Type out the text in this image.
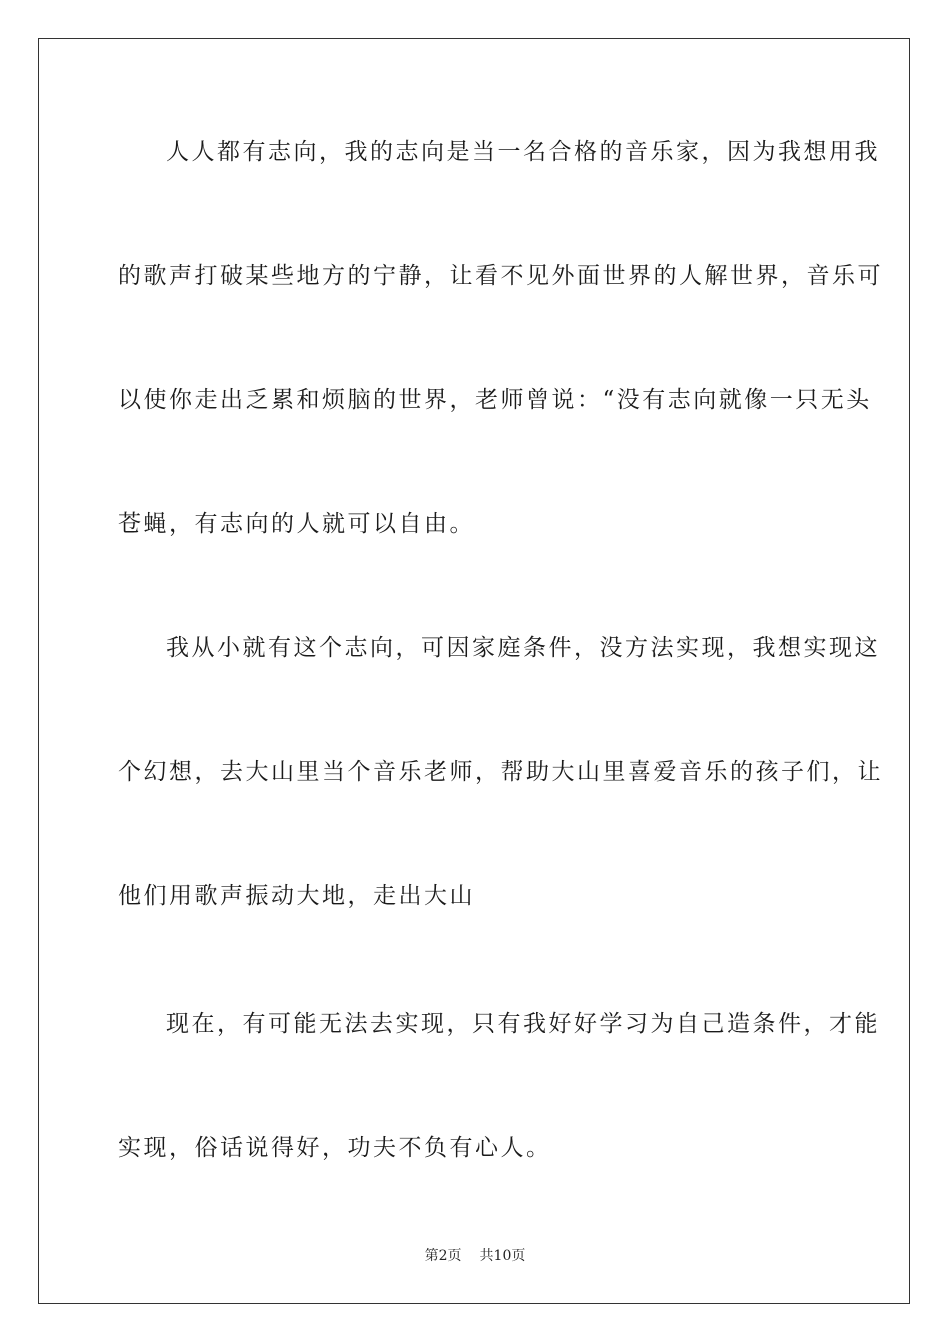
人人都有志向，我的志向是当一名合格的音乐家，因为我想用我
的歌声打破某些地方的宁静，让看不见外面世界的人解世界，音乐可
以使你走出乏累和烦脑的世界，老师曾说：“没有志向就像一只无头
苍蝇，有志向的人就可以自由。
我从小就有这个志向，可因家庭条件，没方法实现，我想实现这
个幻想，去大山里当个音乐老师，帮助大山里喜爱音乐的孩子们，让
他们用歌声振动大地，走出大山
现在，有可能无法去实现，只有我好好学习为自己造条件，才能
实现，俗话说得好，功夫不负有心人。
第2页 共10页
